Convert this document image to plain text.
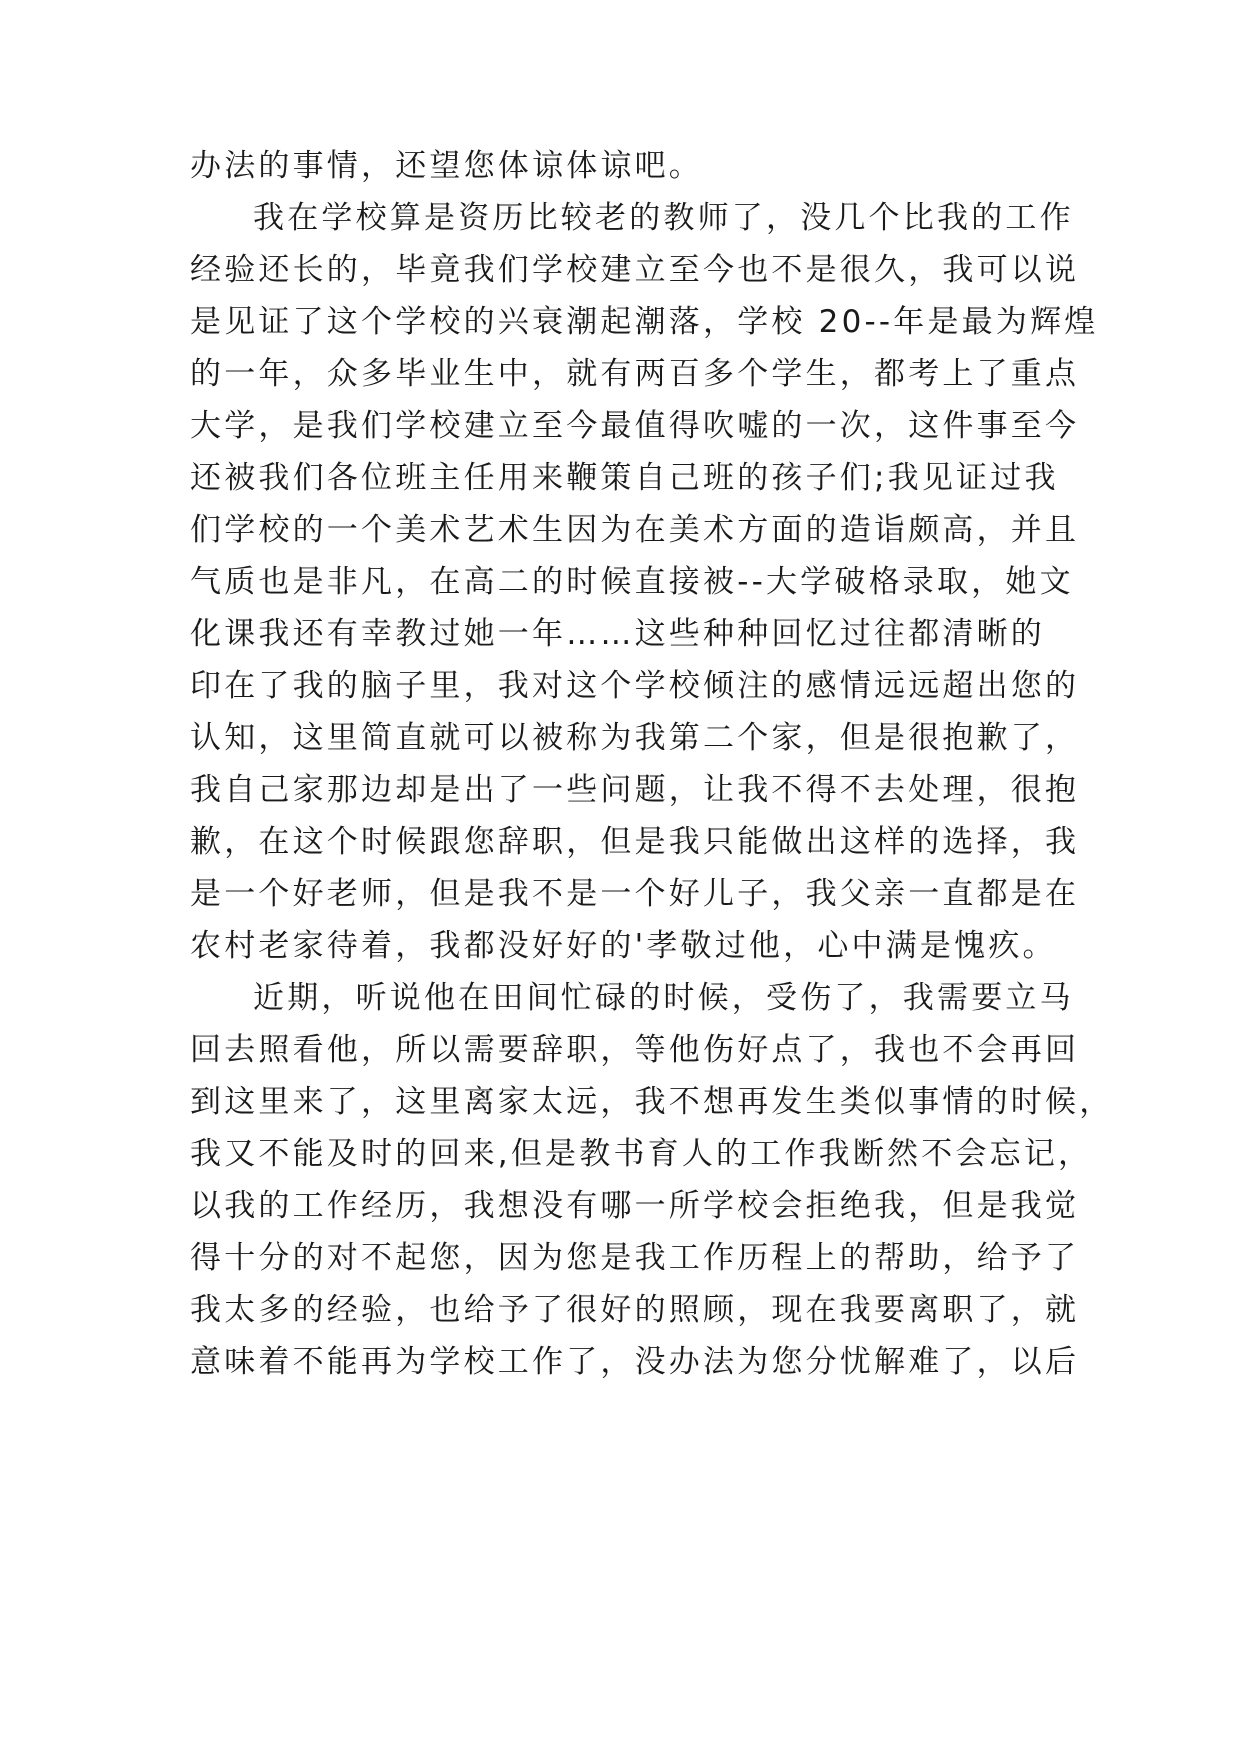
办法的事情，还望您体谅体谅吧。
我在学校算是资历比较老的教师了，没几个比我的工作
经验还长的，毕竟我们学校建立至今也不是很久，我可以说
是见证了这个学校的兴衰潮起潮落，学校 20--年是最为辉煌
的一年，众多毕业生中，就有两百多个学生，都考上了重点
大学，是我们学校建立至今最值得吹嘘的一次，这件事至今
还被我们各位班主任用来鞭策自己班的孩子们;我见证过我
们学校的一个美术艺术生因为在美术方面的造诣颇高，并且
气质也是非凡，在高二的时候直接被--大学破格录取，她文
化课我还有幸教过她一年……这些种种回忆过往都清晰的
印在了我的脑子里，我对这个学校倾注的感情远远超出您的
认知，这里简直就可以被称为我第二个家，但是很抱歉了，
我自己家那边却是出了一些问题，让我不得不去处理，很抱
歉，在这个时候跟您辞职，但是我只能做出这样的选择，我
是一个好老师，但是我不是一个好儿子，我父亲一直都是在
农村老家待着，我都没好好的'孝敬过他，心中满是愧疚。
近期，听说他在田间忙碌的时候，受伤了，我需要立马
回去照看他，所以需要辞职，等他伤好点了，我也不会再回
到这里来了，这里离家太远，我不想再发生类似事情的时候，
我又不能及时的回来,但是教书育人的工作我断然不会忘记，
以我的工作经历，我想没有哪一所学校会拒绝我，但是我觉
得十分的对不起您，因为您是我工作历程上的帮助，给予了
我太多的经验，也给予了很好的照顾，现在我要离职了，就
意味着不能再为学校工作了，没办法为您分忧解难了，以后
